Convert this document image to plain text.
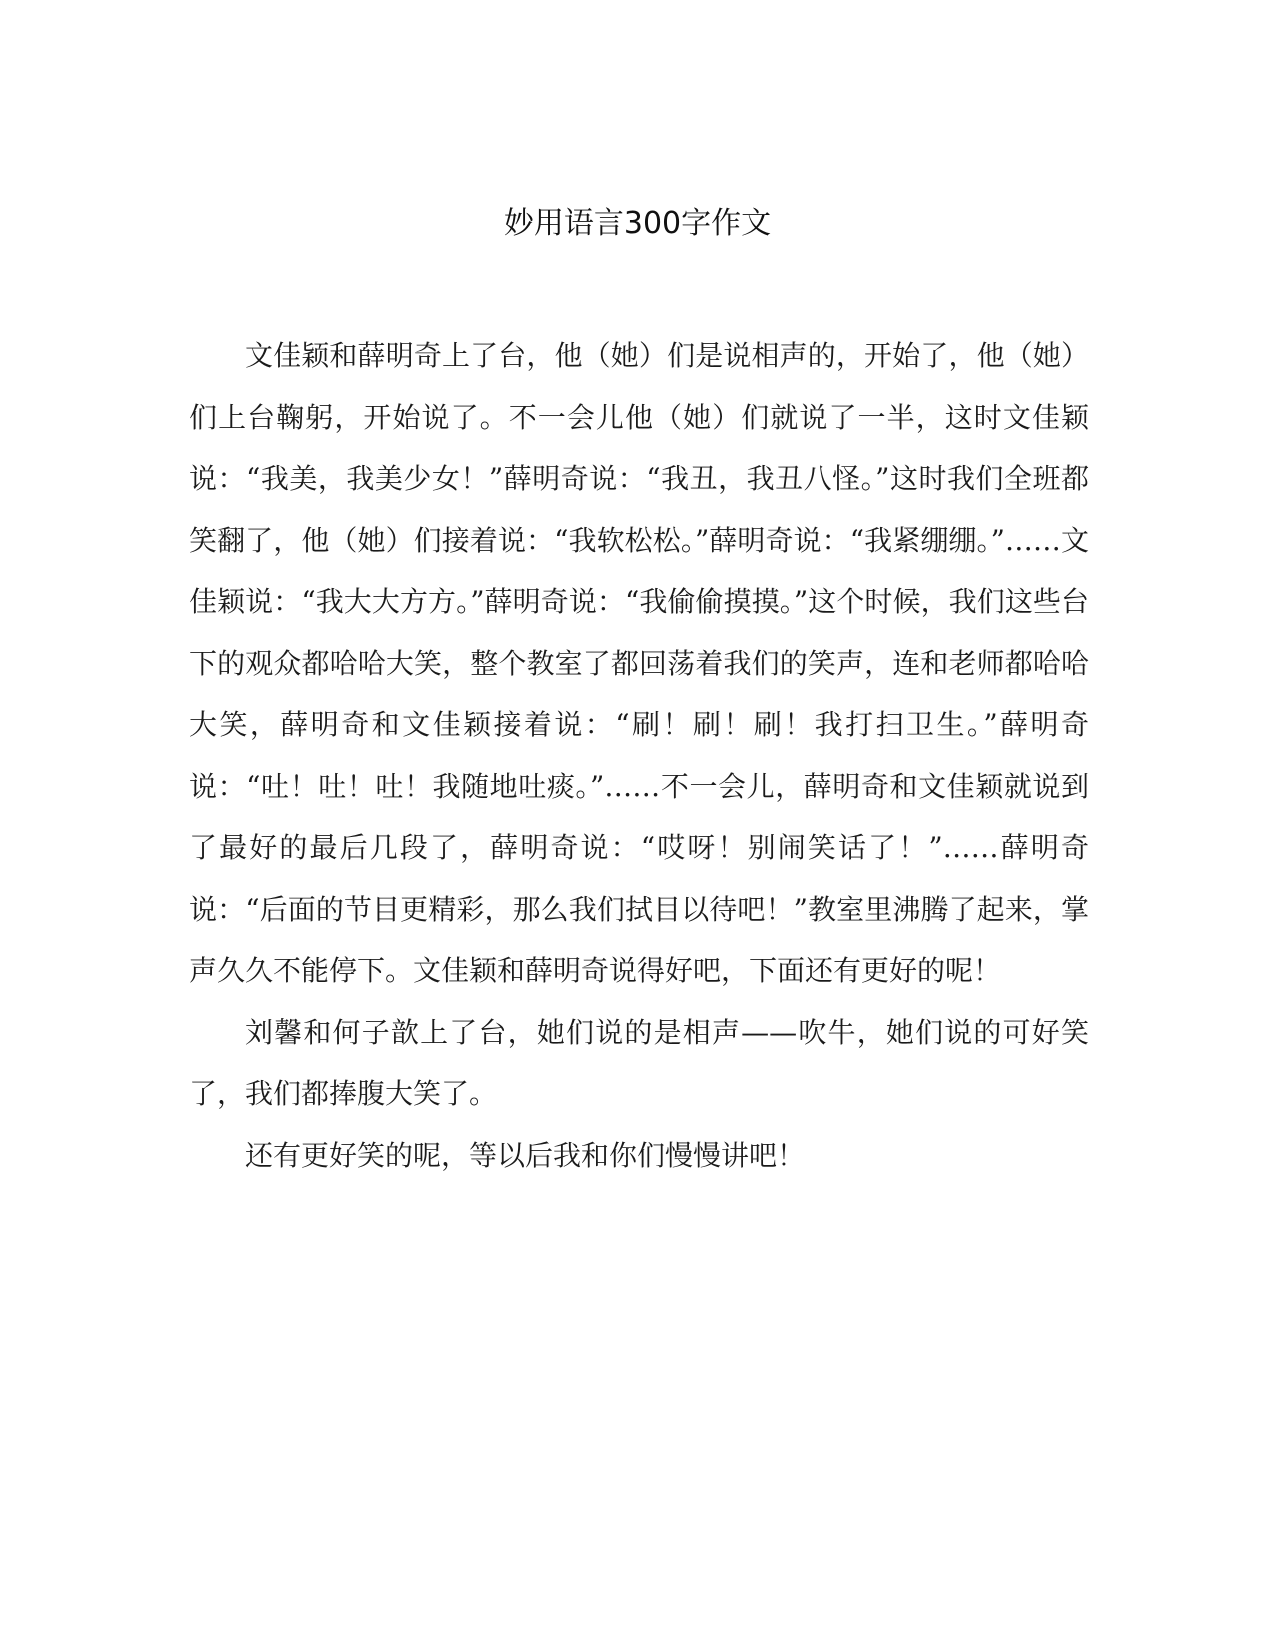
妙用语言300字作文

文佳颖和薛明奇上了台，他（她）们是说相声的，开始了，他（她）们上台鞠躬，开始说了。不一会儿他（她）们就说了一半，这时文佳颖说：“我美，我美少女！”薛明奇说：“我丑，我丑八怪。”这时我们全班都笑翻了，他（她）们接着说：“我软松松。”薛明奇说：“我紧绷绷。”……文佳颖说：“我大大方方。”薛明奇说：“我偷偷摸摸。”这个时候，我们这些台下的观众都哈哈大笑，整个教室了都回荡着我们的笑声，连和老师都哈哈大笑，薛明奇和文佳颖接着说：“刷！刷！刷！我打扫卫生。”薛明奇说：“吐！吐！吐！我随地吐痰。”……不一会儿，薛明奇和文佳颖就说到了最好的最后几段了，薛明奇说：“哎呀！别闹笑话了！”……薛明奇说：“后面的节目更精彩，那么我们拭目以待吧！”教室里沸腾了起来，掌声久久不能停下。文佳颖和薛明奇说得好吧，下面还有更好的呢！

刘馨和何子歆上了台，她们说的是相声——吹牛，她们说的可好笑了，我们都捧腹大笑了。

还有更好笑的呢，等以后我和你们慢慢讲吧！
